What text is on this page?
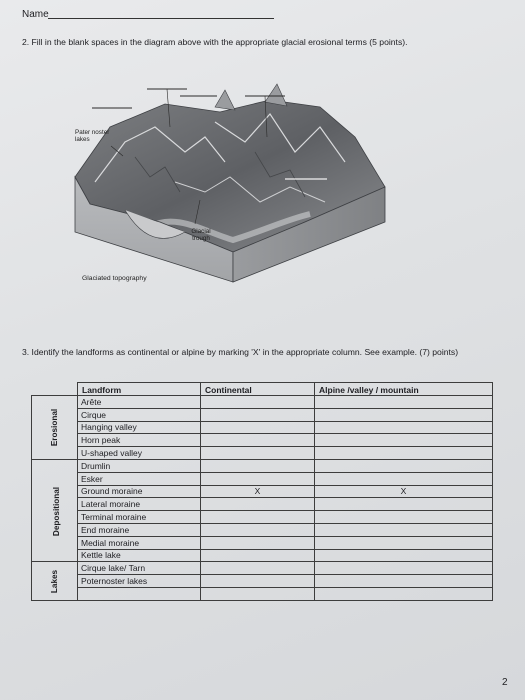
Name
2. Fill in the blank spaces in the diagram above with the appropriate glacial erosional terms (5 points).
Pater noster lakes
Glacial trough
Glaciated topography
3. Identify the landforms as continental or alpine by marking 'X' in the appropriate column. See example. (7) points)
	Landform	Continental	Alpine /valley / mountain
Erosional	Arête		
	Cirque		
	Hanging valley		
	Horn peak		
	U-shaped valley		
Depositional	Drumlin		
	Esker		
	Ground moraine	X	X
	Lateral moraine		
	Terminal moraine		
	End moraine		
	Medial moraine		
	Kettle lake		
Lakes	Cirque lake/ Tarn		
	Poternoster lakes		

2
